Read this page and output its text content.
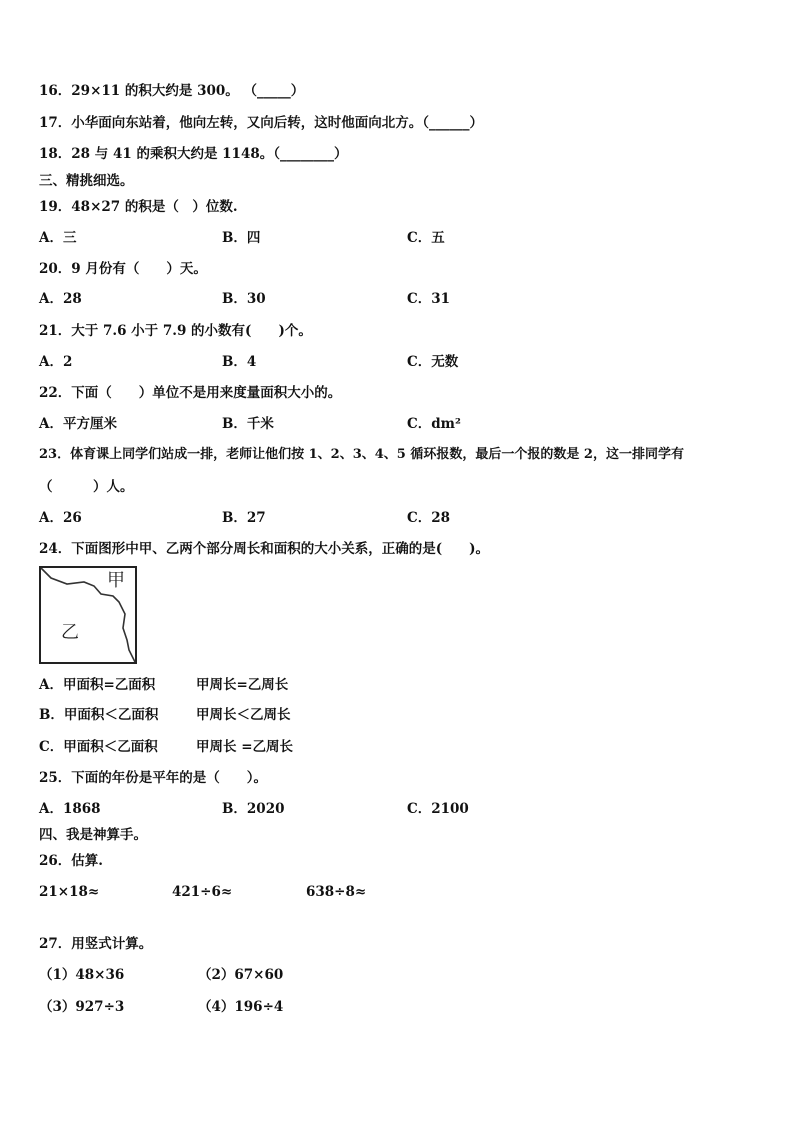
16．29×11 的积大约是 300。 （_____）
17．小华面向东站着，他向左转，又向后转，这时他面向北方。（______）
18．28 与 41 的乘积大约是 1148。（________）
三、精挑细选。
19．48×27 的积是（　）位数.
A．三	B．四	C．五
20．9 月份有（　　）天。
A．28	B．30	C．31
21．大于 7.6 小于 7.9 的小数有(　　)个。
A．2	B．4	C．无数
22．下面（　　）单位不是用来度量面积大小的。
A．平方厘米	B．千米	C．dm²
23．体育课上同学们站成一排，老师让他们按 1、2、3、4、5 循环报数，最后一个报的数是 2，这一排同学有
（　　　）人。
A．26	B．27	C．28
24．下面图形中甲、乙两个部分周长和面积的大小关系，正确的是(　　)。
甲
乙
A．甲面积=乙面积	甲周长=乙周长
B．甲面积＜乙面积	甲周长＜乙周长
C．甲面积＜乙面积	甲周长 =乙周长
25．下面的年份是平年的是（　　）。
A．1868	B．2020	C．2100
四、我是神算手。
26．估算.
21×18≈	421÷6≈	638÷8≈
27．用竖式计算。
（1）48×36	（2）67×60
（3）927÷3	（4）196÷4
